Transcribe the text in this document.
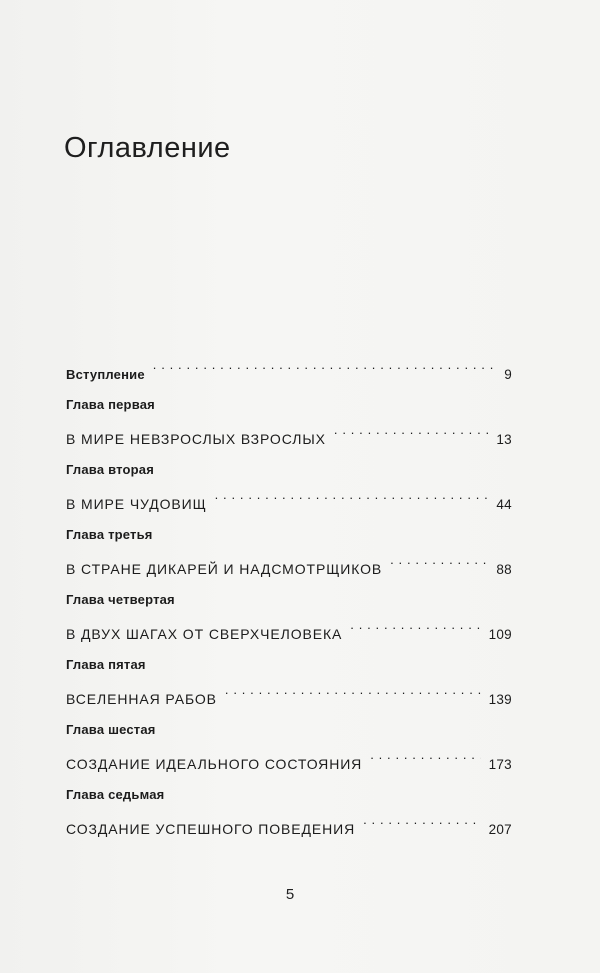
Оглавление
Вступление . . .	9
Глава первая
В МИРЕ НЕВЗРОСЛЫХ ВЗРОСЛЫХ . . .	13
Глава вторая
В МИРЕ ЧУДОВИЩ . . .	44
Глава третья
В СТРАНЕ ДИКАРЕЙ И НАДСМОТРЩИКОВ . . .	88
Глава четвертая
В ДВУХ ШАГАХ ОТ СВЕРХЧЕЛОВЕКА . . .	109
Глава пятая
ВСЕЛЕННАЯ РАБОВ . . .	139
Глава шестая
СОЗДАНИЕ ИДЕАЛЬНОГО СОСТОЯНИЯ . . .	173
Глава седьмая
СОЗДАНИЕ УСПЕШНОГО ПОВЕДЕНИЯ . . .	207
5
